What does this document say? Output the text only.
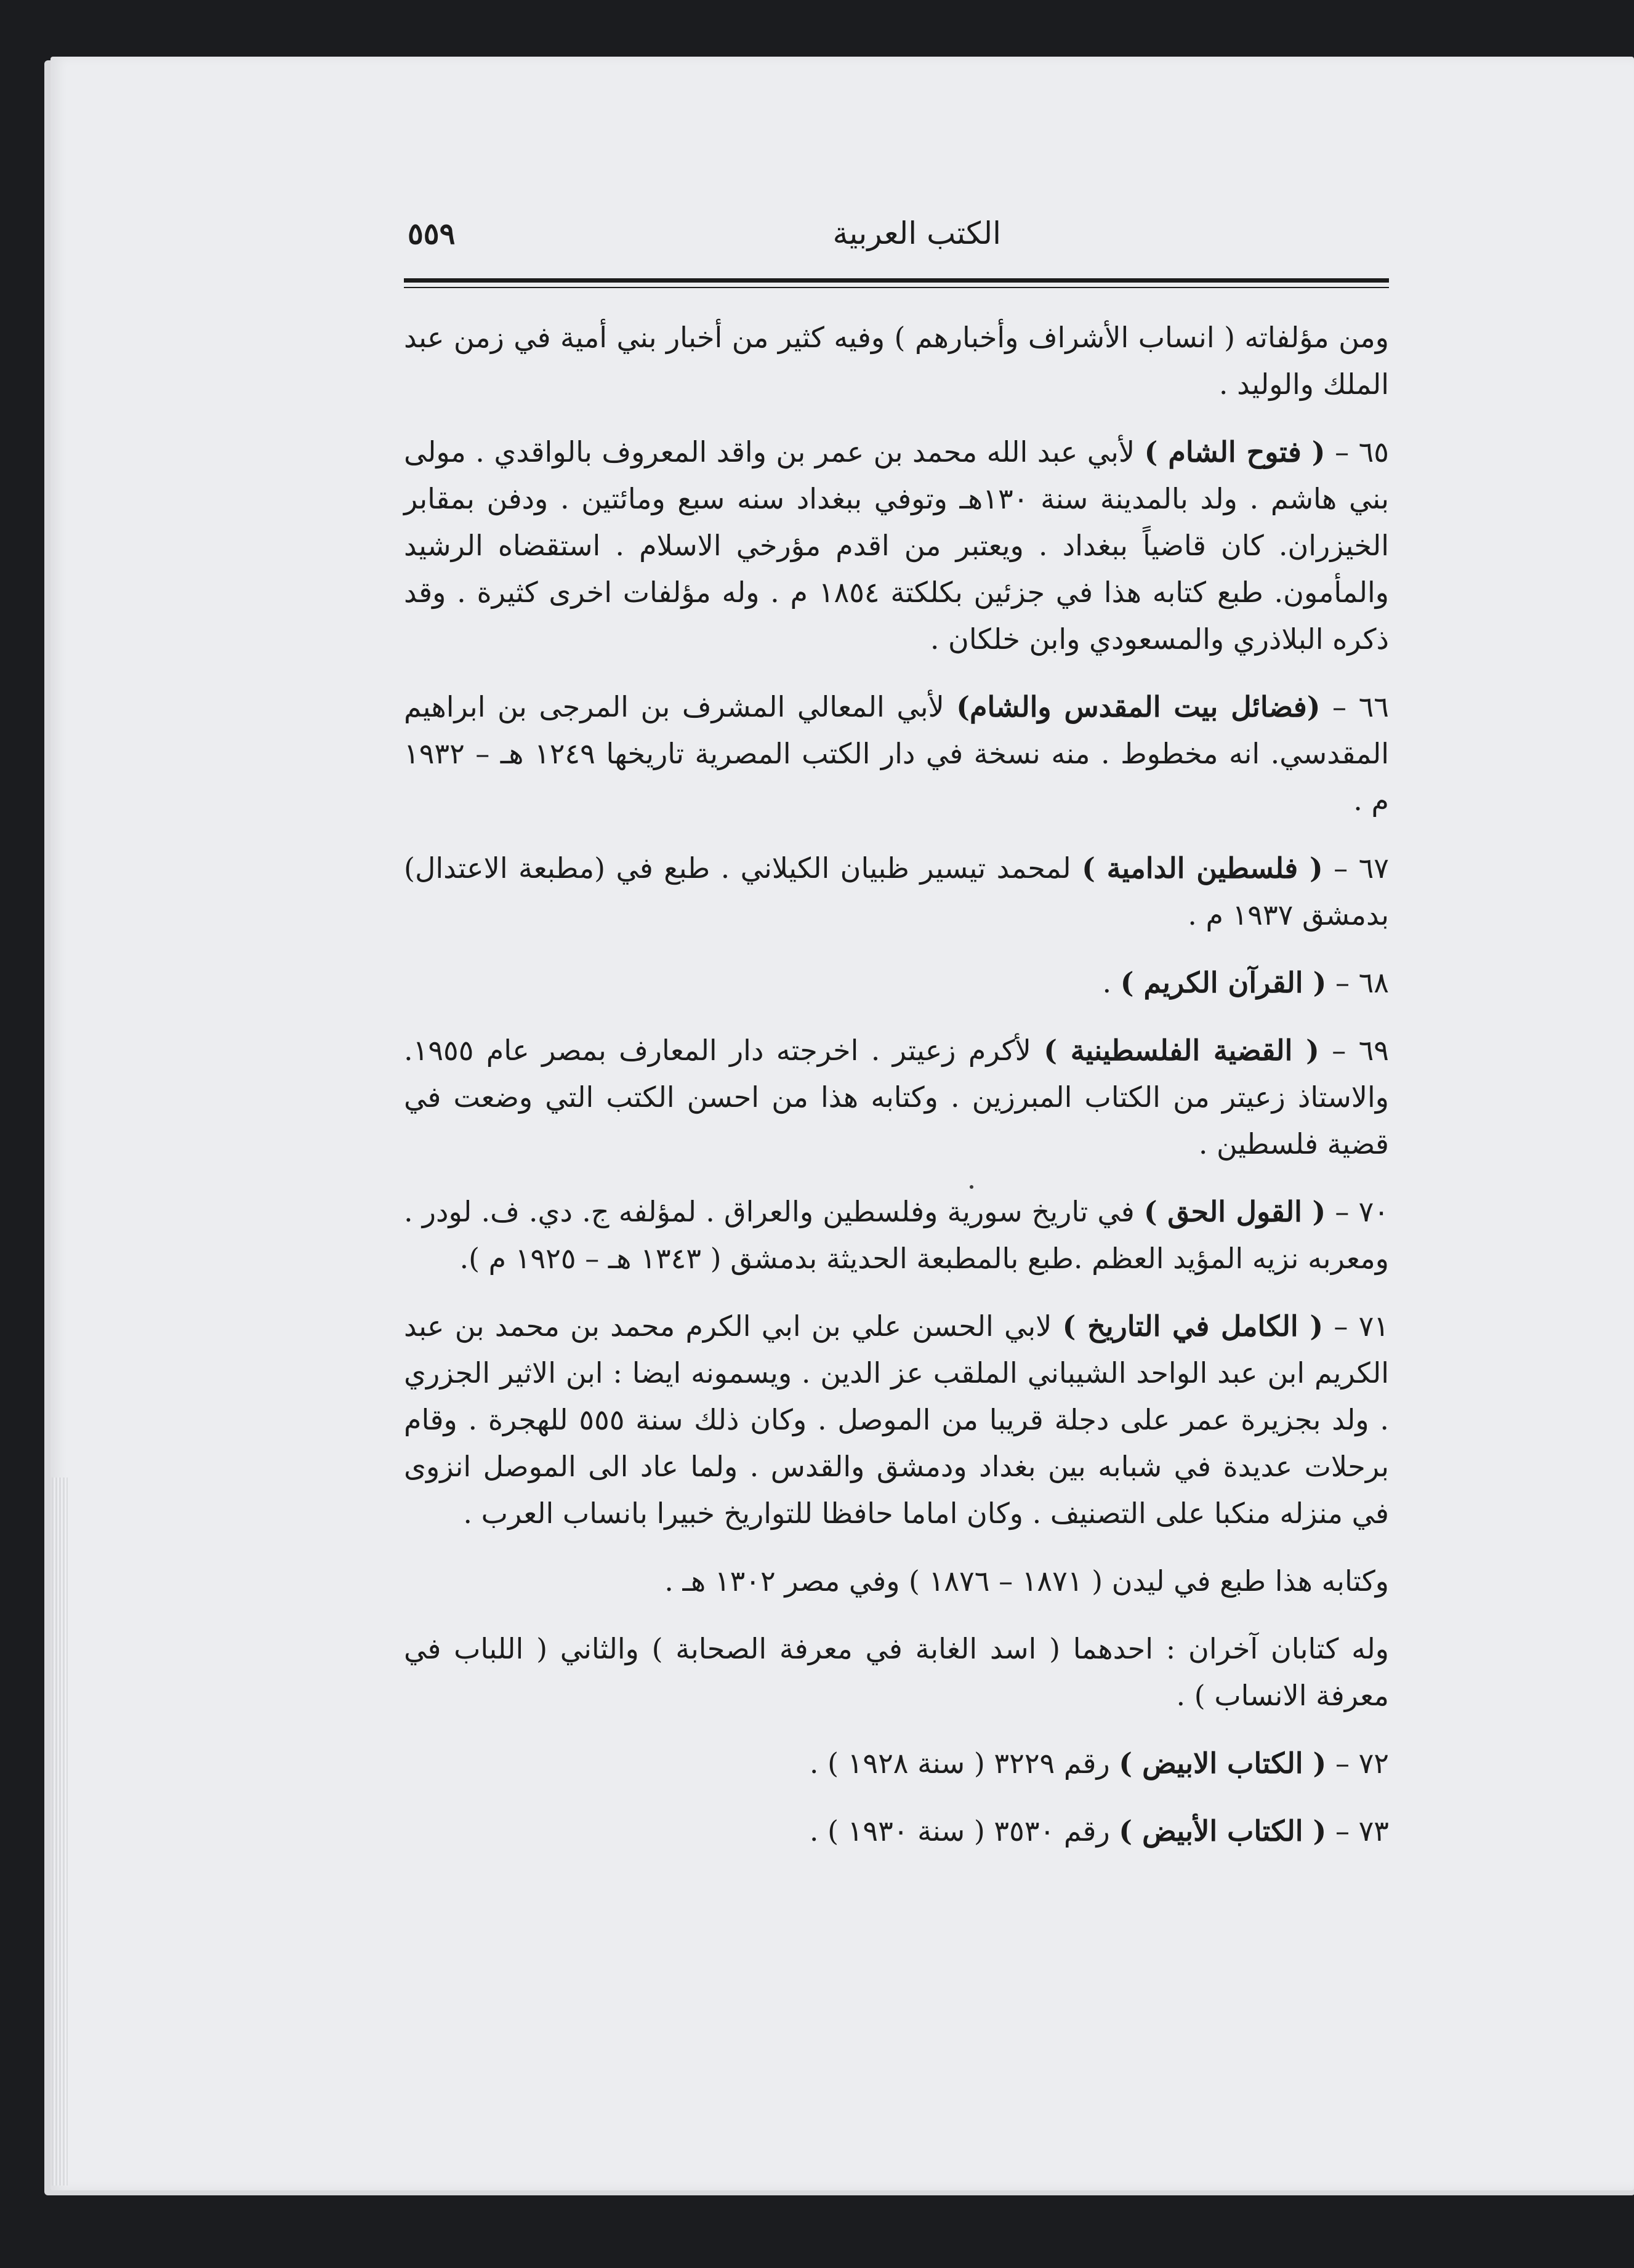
الكتب العربية
٥٥٩

ومن مؤلفاته ( انساب الأشراف وأخبارهم ) وفيه كثير من أخبار بني أمية في زمن عبد الملك والوليد .

٦٥ – ( فتوح الشام ) لأبي عبد الله محمد بن عمر بن واقد المعروف بالواقدي . مولى بني هاشم . ولد بالمدينة سنة ١٣٠هـ وتوفي ببغداد سنه سبع ومائتين . ودفن بمقابر الخيزران. كان قاضياً ببغداد . ويعتبر من اقدم مؤرخي الاسلام . استقضاه الرشيد والمأمون. طبع كتابه هذا في جزئين بكلكتة ١٨٥٤ م . وله مؤلفات اخرى كثيرة . وقد ذكره البلاذري والمسعودي وابن خلكان .

٦٦ – (فضائل بيت المقدس والشام) لأبي المعالي المشرف بن المرجى بن ابراهيم المقدسي. انه مخطوط . منه نسخة في دار الكتب المصرية تاريخها ١٢٤٩ هـ – ١٩٣٢ م .

٦٧ – ( فلسطين الدامية ) لمحمد تيسير ظبيان الكيلاني . طبع في (مطبعة الاعتدال) بدمشق ١٩٣٧ م .

٦٨ – ( القرآن الكريم ) .

٦٩ – ( القضية الفلسطينية ) لأكرم زعيتر . اخرجته دار المعارف بمصر عام ١٩٥٥. والاستاذ زعيتر من الكتاب المبرزين . وكتابه هذا من احسن الكتب التي وضعت في قضية فلسطين .

٧٠ – ( القول الحق ) في تاريخ سورية وفلسطين والعراق . لمؤلفه ج. دي. ف. لودر . ومعربه نزيه المؤيد العظم .طبع بالمطبعة الحديثة بدمشق ( ١٣٤٣ هـ – ١٩٢٥ م ).

٧١ – ( الكامل في التاريخ ) لابي الحسن علي بن ابي الكرم محمد بن محمد بن عبد الكريم ابن عبد الواحد الشيباني الملقب عز الدين . ويسمونه ايضا : ابن الاثير الجزري . ولد بجزيرة عمر على دجلة قريبا من الموصل . وكان ذلك سنة ٥٥٥ للهجرة . وقام برحلات عديدة في شبابه بين بغداد ودمشق والقدس . ولما عاد الى الموصل انزوى في منزله منكبا على التصنيف . وكان اماما حافظا للتواريخ خبيرا بانساب العرب .

وكتابه هذا طبع في ليدن ( ١٨٧١ – ١٨٧٦ ) وفي مصر ١٣٠٢ هـ .

وله كتابان آخران : احدهما ( اسد الغابة في معرفة الصحابة ) والثاني ( اللباب في معرفة الانساب ) .

٧٢ – ( الكتاب الابيض ) رقم ٣٢٢٩ ( سنة ١٩٢٨ ) .

٧٣ – ( الكتاب الأبيض ) رقم ٣٥٣٠ ( سنة ١٩٣٠ ) .
